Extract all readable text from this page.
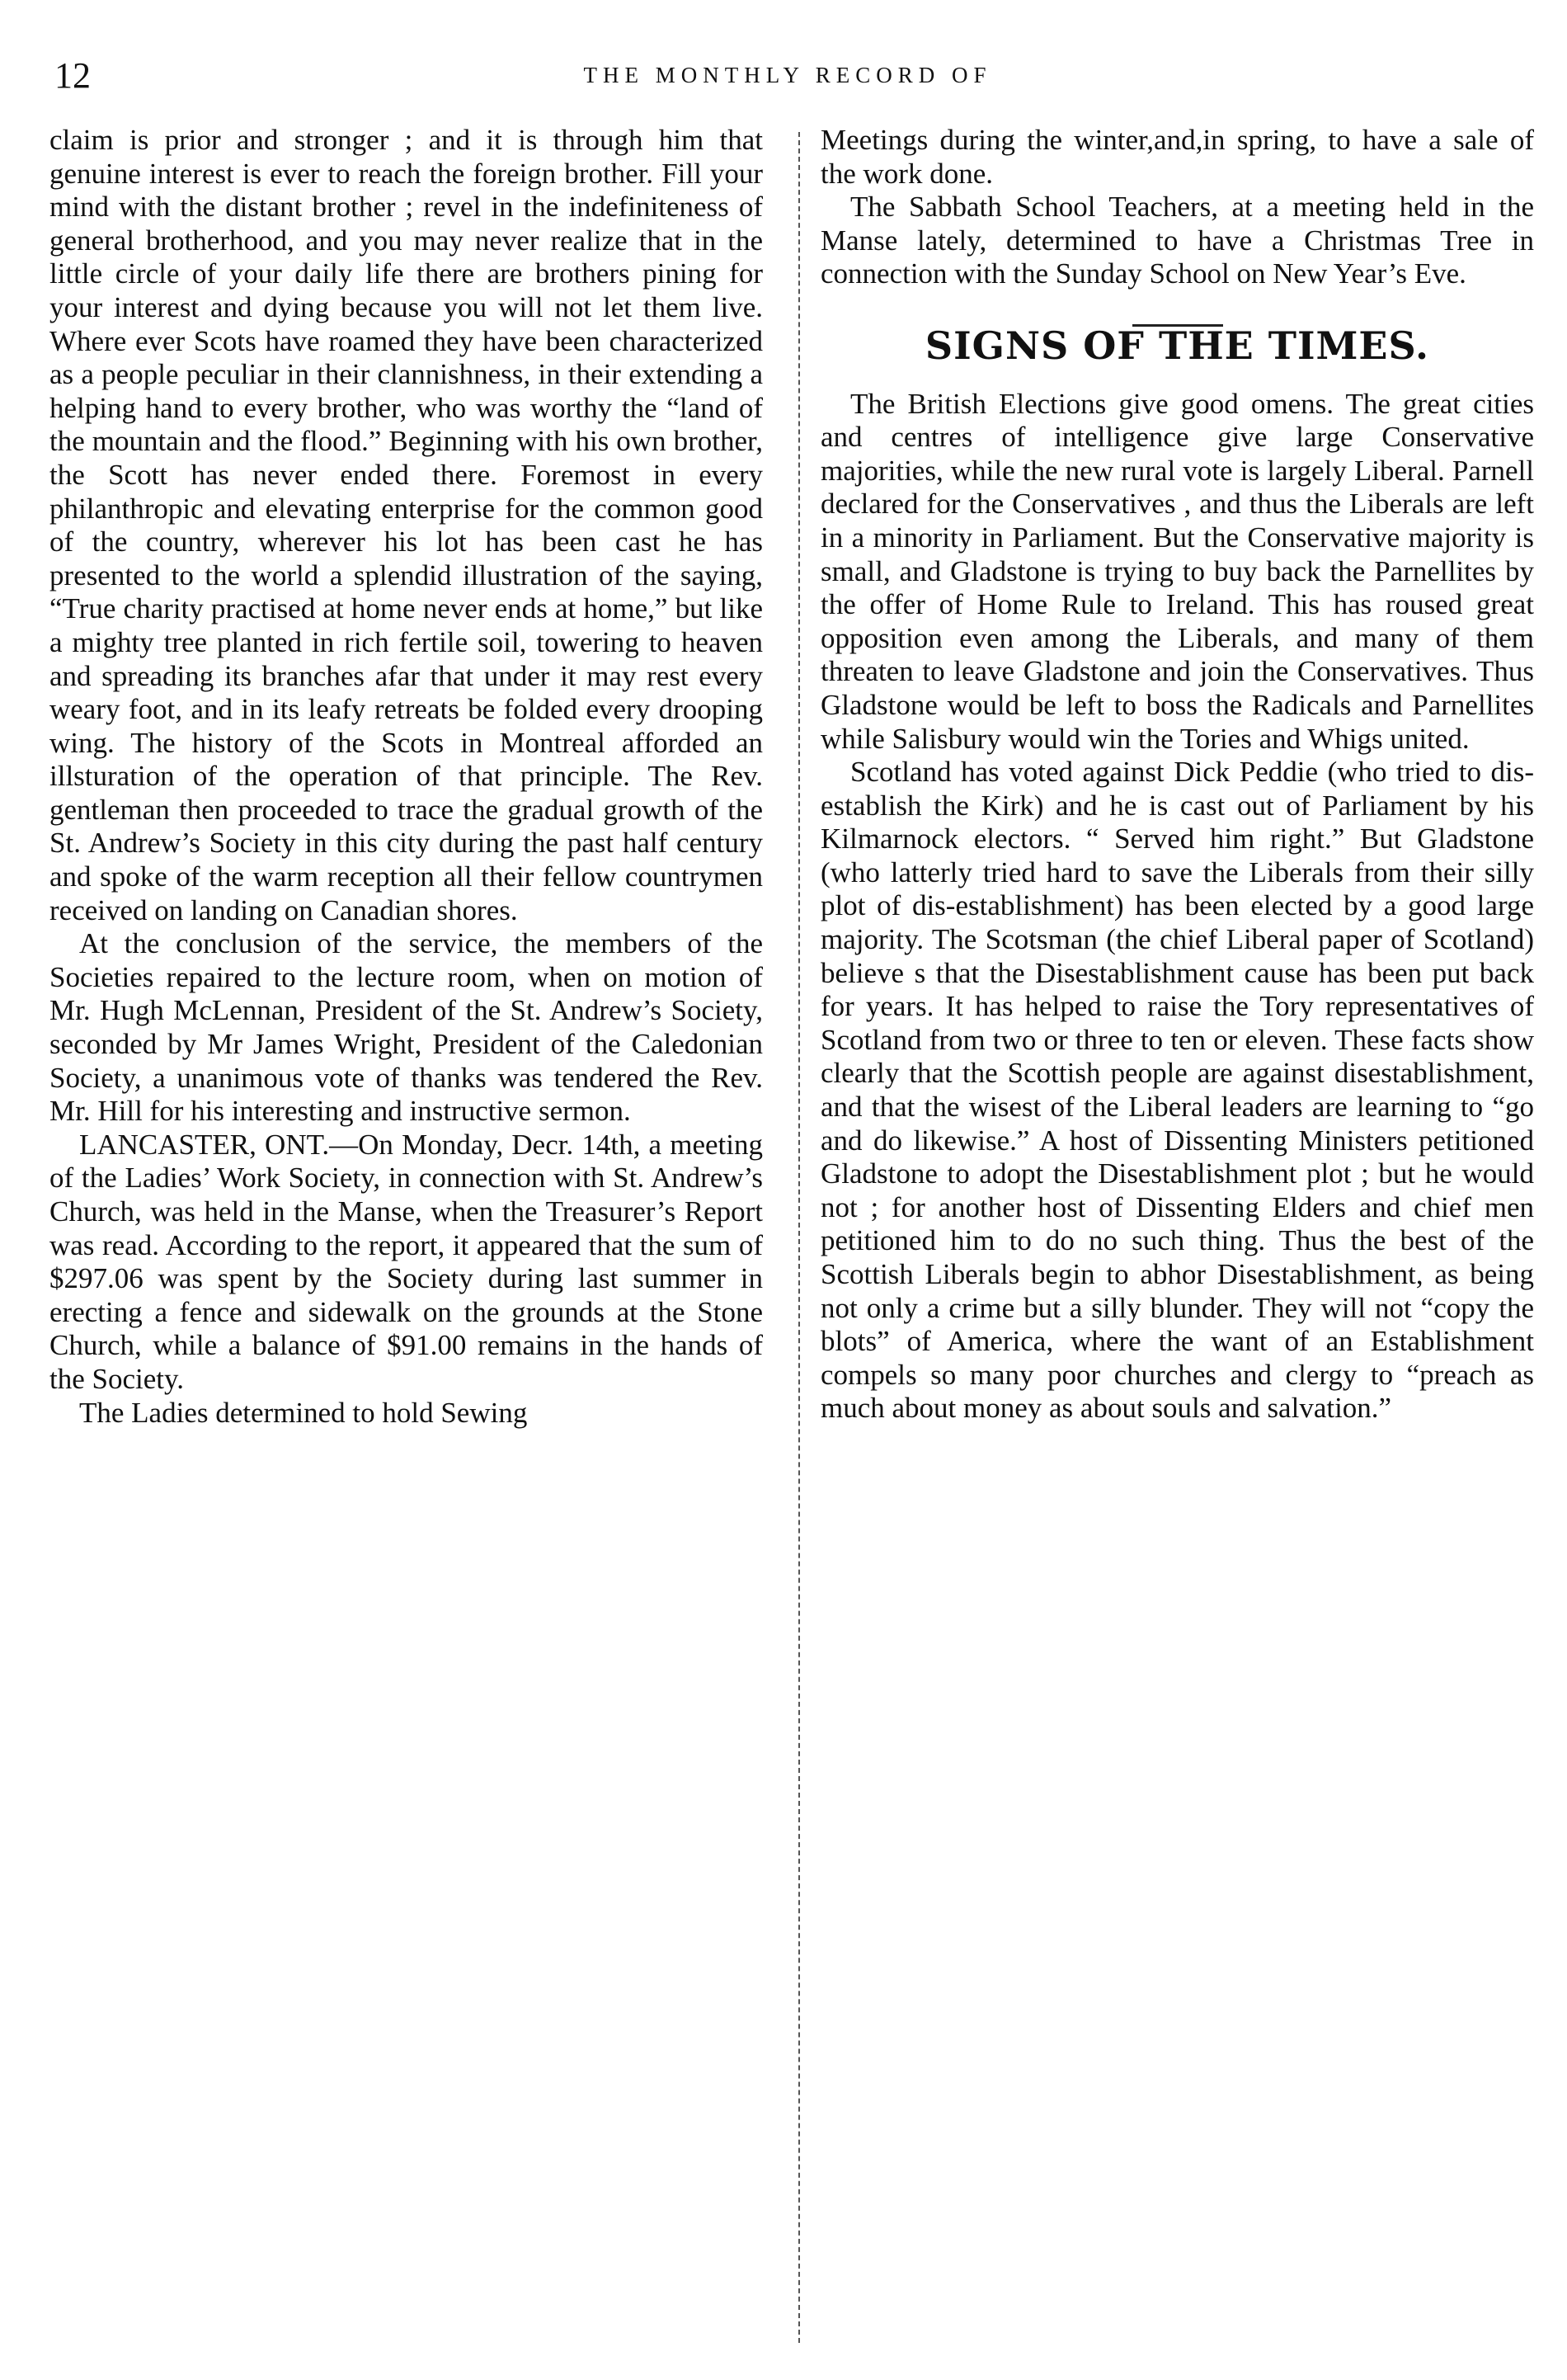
12	THE MONTHLY RECORD OF

claim is prior and stronger ; and it is through him that genuine interest is ever to reach the foreign brother. Fill your mind with the distant brother ; revel in the indefiniteness of general brotherhood, and you may never realize that in the little circle of your daily life there are brothers pining for your interest and dying because you will not let them live. Where ever Scots have roamed they have been characterized as a people peculiar in their clannishness, in their extending a helping hand to every brother, who was worthy the “land of the mountain and the flood.” Beginning with his own brother, the Scott has never ended there. Foremost in every philanthropic and elevating enterprise for the common good of the country, wherever his lot has been cast he has presented to the world a splendid illustration of the saying, “True charity practised at home never ends at home,” but like a mighty tree planted in rich fertile soil, towering to heaven and spreading its branches afar that under it may rest every weary foot, and in its leafy retreats be folded every drooping wing. The history of the Scots in Montreal afforded an illsturation of the operation of that principle. The Rev. gentleman then proceeded to trace the gradual growth of the St. Andrew’s Society in this city during the past half century and spoke of the warm reception all their fellow countrymen received on landing on Canadian shores.

At the conclusion of the service, the members of the Societies repaired to the lecture room, when on motion of Mr. Hugh McLennan, President of the St. Andrew’s Society, seconded by Mr James Wright, President of the Caledonian Society, a unanimous vote of thanks was tendered the Rev. Mr. Hill for his interesting and instructive sermon.

LANCASTER, ONT.—On Monday, Decr. 14th, a meeting of the Ladies’ Work Society, in connection with St. Andrew’s Church, was held in the Manse, when the Treasurer’s Report was read. According to the report, it appeared that the sum of $297.06 was spent by the Society during last summer in erecting a fence and sidewalk on the grounds at the Stone Church, while a balance of $91.00 remains in the hands of the Society.

The Ladies determined to hold Sewing

Meetings during the winter,and,in spring, to have a sale of the work done.

The Sabbath School Teachers, at a meeting held in the Manse lately, determined to have a Christmas Tree in connection with the Sunday School on New Year’s Eve.

SIGNS OF THE TIMES.

The British Elections give good omens. The great cities and centres of intelligence give large Conservative majorities, while the new rural vote is largely Liberal. Parnell declared for the Conservatives , and thus the Liberals are left in a minority in Parliament. But the Conservative majority is small, and Gladstone is trying to buy back the Parnellites by the offer of Home Rule to Ireland. This has roused great opposition even among the Liberals, and many of them threaten to leave Gladstone and join the Conservatives. Thus Gladstone would be left to boss the Radicals and Parnellites while Salisbury would win the Tories and Whigs united.

Scotland has voted against Dick Peddie (who tried to dis-establish the Kirk) and he is cast out of Parliament by his Kilmarnock electors. “ Served him right.” But Gladstone (who latterly tried hard to save the Liberals from their silly plot of dis-establishment) has been elected by a good large majority. The Scotsman (the chief Liberal paper of Scotland) believe s that the Disestablishment cause has been put back for years. It has helped to raise the Tory representatives of Scotland from two or three to ten or eleven. These facts show clearly that the Scottish people are against disestablishment, and that the wisest of the Liberal leaders are learning to “go and do likewise.” A host of Dissenting Ministers petitioned Gladstone to adopt the Disestablishment plot ; but he would not ; for another host of Dissenting Elders and chief men petitioned him to do no such thing. Thus the best of the Scottish Liberals begin to abhor Disestablishment, as being not only a crime but a silly blunder. They will not “copy the blots” of America, where the want of an Establishment compels so many poor churches and clergy to “preach as much about money as about souls and salvation.”
